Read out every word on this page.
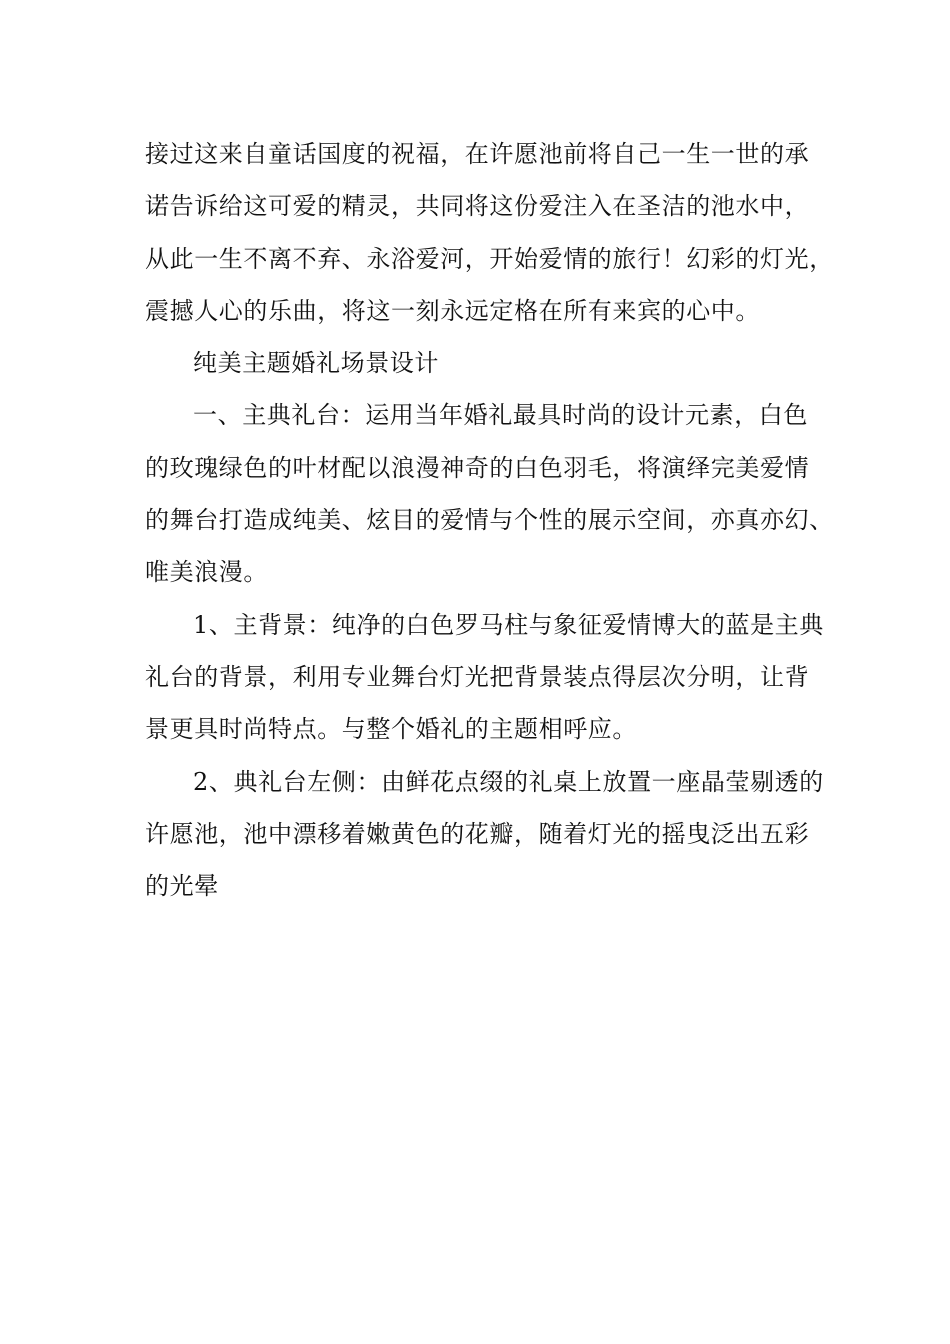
接过这来自童话国度的祝福，在许愿池前将自己一生一世的承
诺告诉给这可爱的精灵，共同将这份爱注入在圣洁的池水中，
从此一生不离不弃、永浴爱河，开始爱情的旅行！幻彩的灯光，
震撼人心的乐曲，将这一刻永远定格在所有来宾的心中。
纯美主题婚礼场景设计
一、主典礼台：运用当年婚礼最具时尚的设计元素，白色
的玫瑰绿色的叶材配以浪漫神奇的白色羽毛，将演绎完美爱情
的舞台打造成纯美、炫目的爱情与个性的展示空间，亦真亦幻、
唯美浪漫。
1、主背景：纯净的白色罗马柱与象征爱情博大的蓝是主典
礼台的背景，利用专业舞台灯光把背景装点得层次分明，让背
景更具时尚特点。与整个婚礼的主题相呼应。
2、典礼台左侧：由鲜花点缀的礼桌上放置一座晶莹剔透的
许愿池，池中漂移着嫩黄色的花瓣，随着灯光的摇曳泛出五彩
的光晕
